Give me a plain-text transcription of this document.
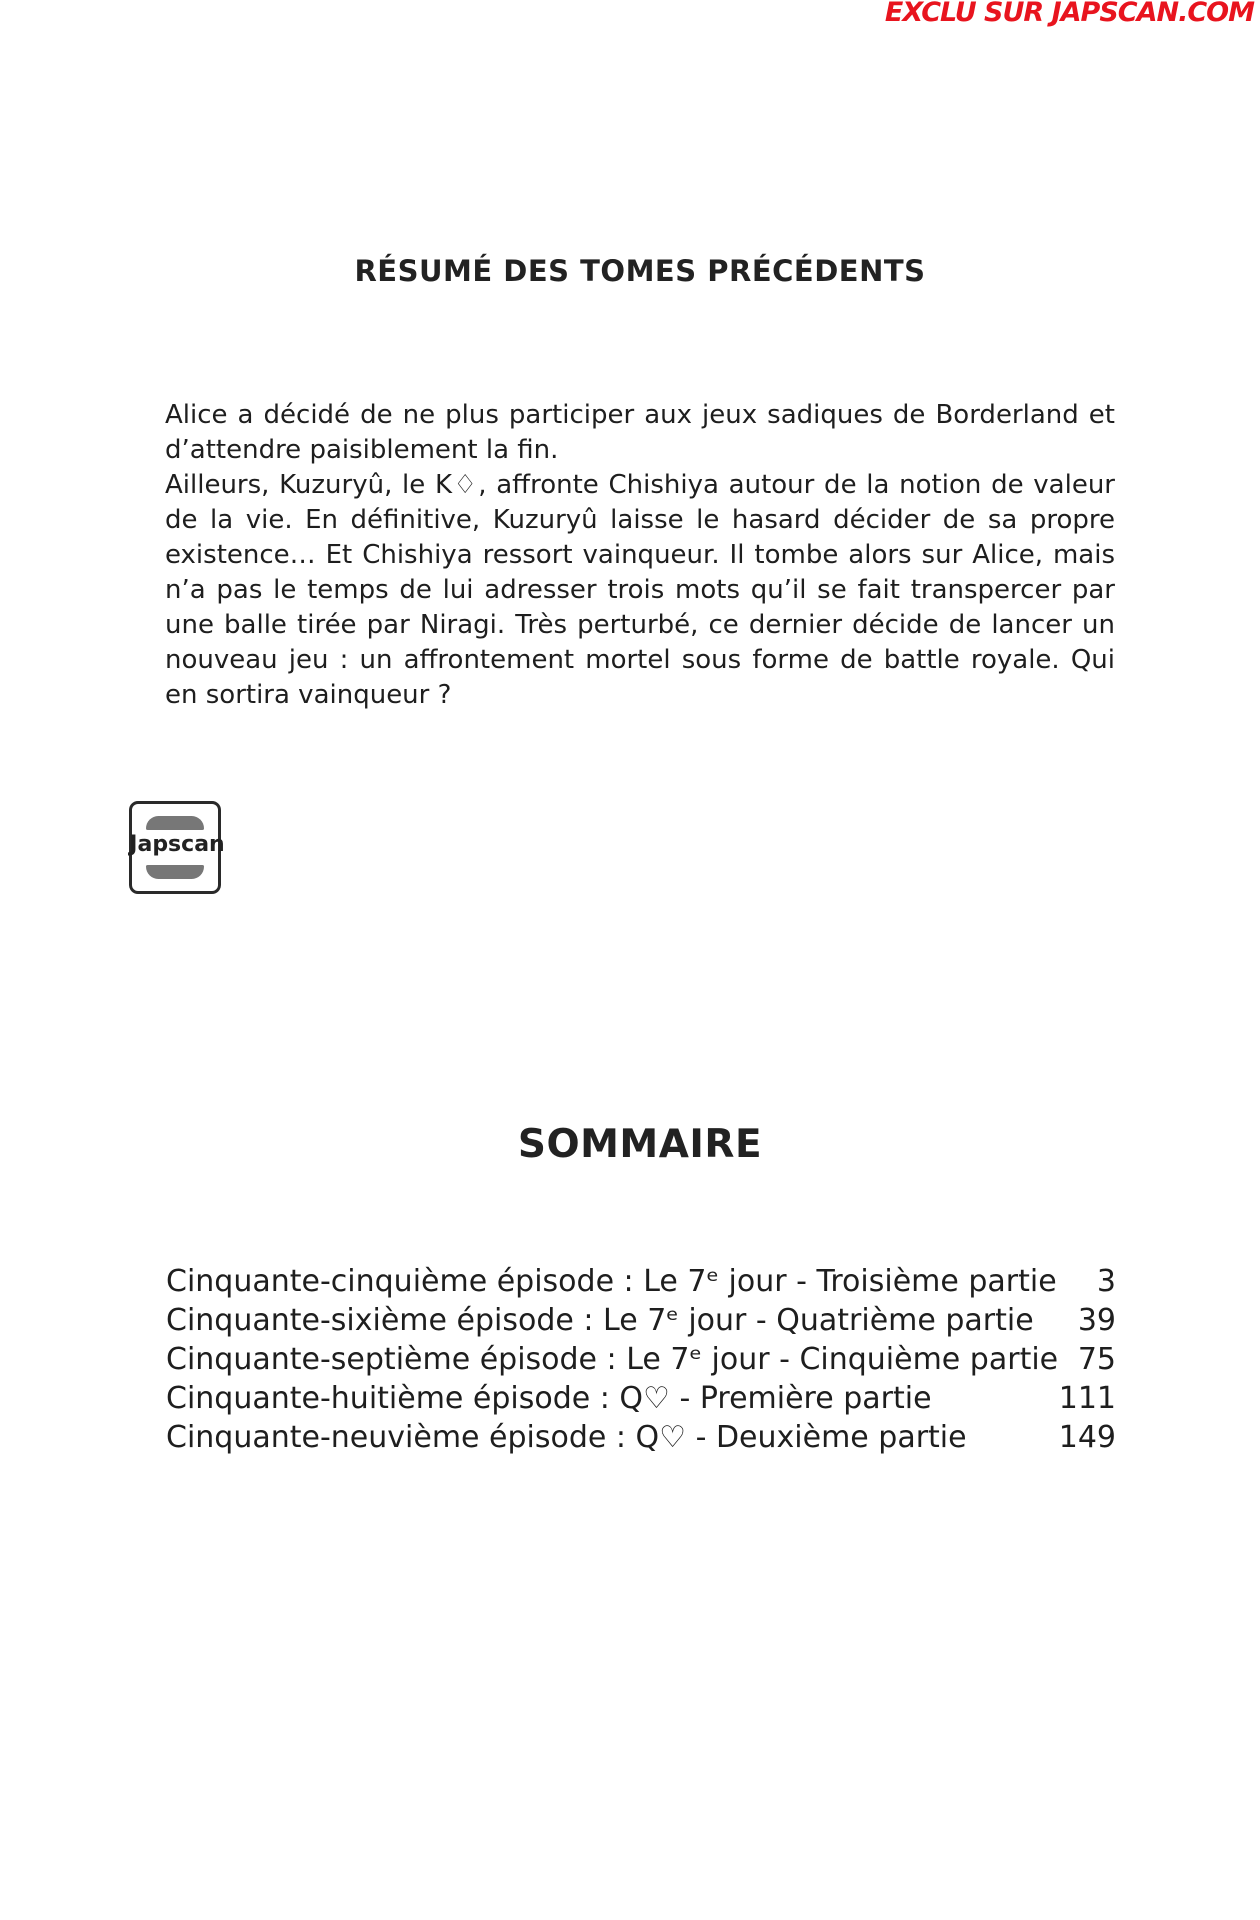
EXCLU SUR JAPSCAN.COM
RÉSUMÉ DES TOMES PRÉCÉDENTS

Alice a décidé de ne plus participer aux jeux sadiques de Borderland et d’attendre paisiblement la fin.

Ailleurs, Kuzuryû, le K♢, affronte Chishiya autour de la notion de valeur de la vie. En définitive, Kuzuryû laisse le hasard décider de sa propre existence… Et Chishiya ressort vainqueur. Il tombe alors sur Alice, mais n’a pas le temps de lui adresser trois mots qu’il se fait transpercer par une balle tirée par Niragi. Très perturbé, ce dernier décide de lancer un nouveau jeu : un affrontement mortel sous forme de battle royale. Qui en sortira vainqueur ?

Japscan
SOMMAIRE
Cinquante-cinquième épisode : Le 7ᵉ jour - Troisième partie 3
Cinquante-sixième épisode : Le 7ᵉ jour - Quatrième partie 39
Cinquante-septième épisode : Le 7ᵉ jour - Cinquième partie 75
Cinquante-huitième épisode : Q♡ - Première partie	111
Cinquante-neuvième épisode : Q♡ - Deuxième partie	149
